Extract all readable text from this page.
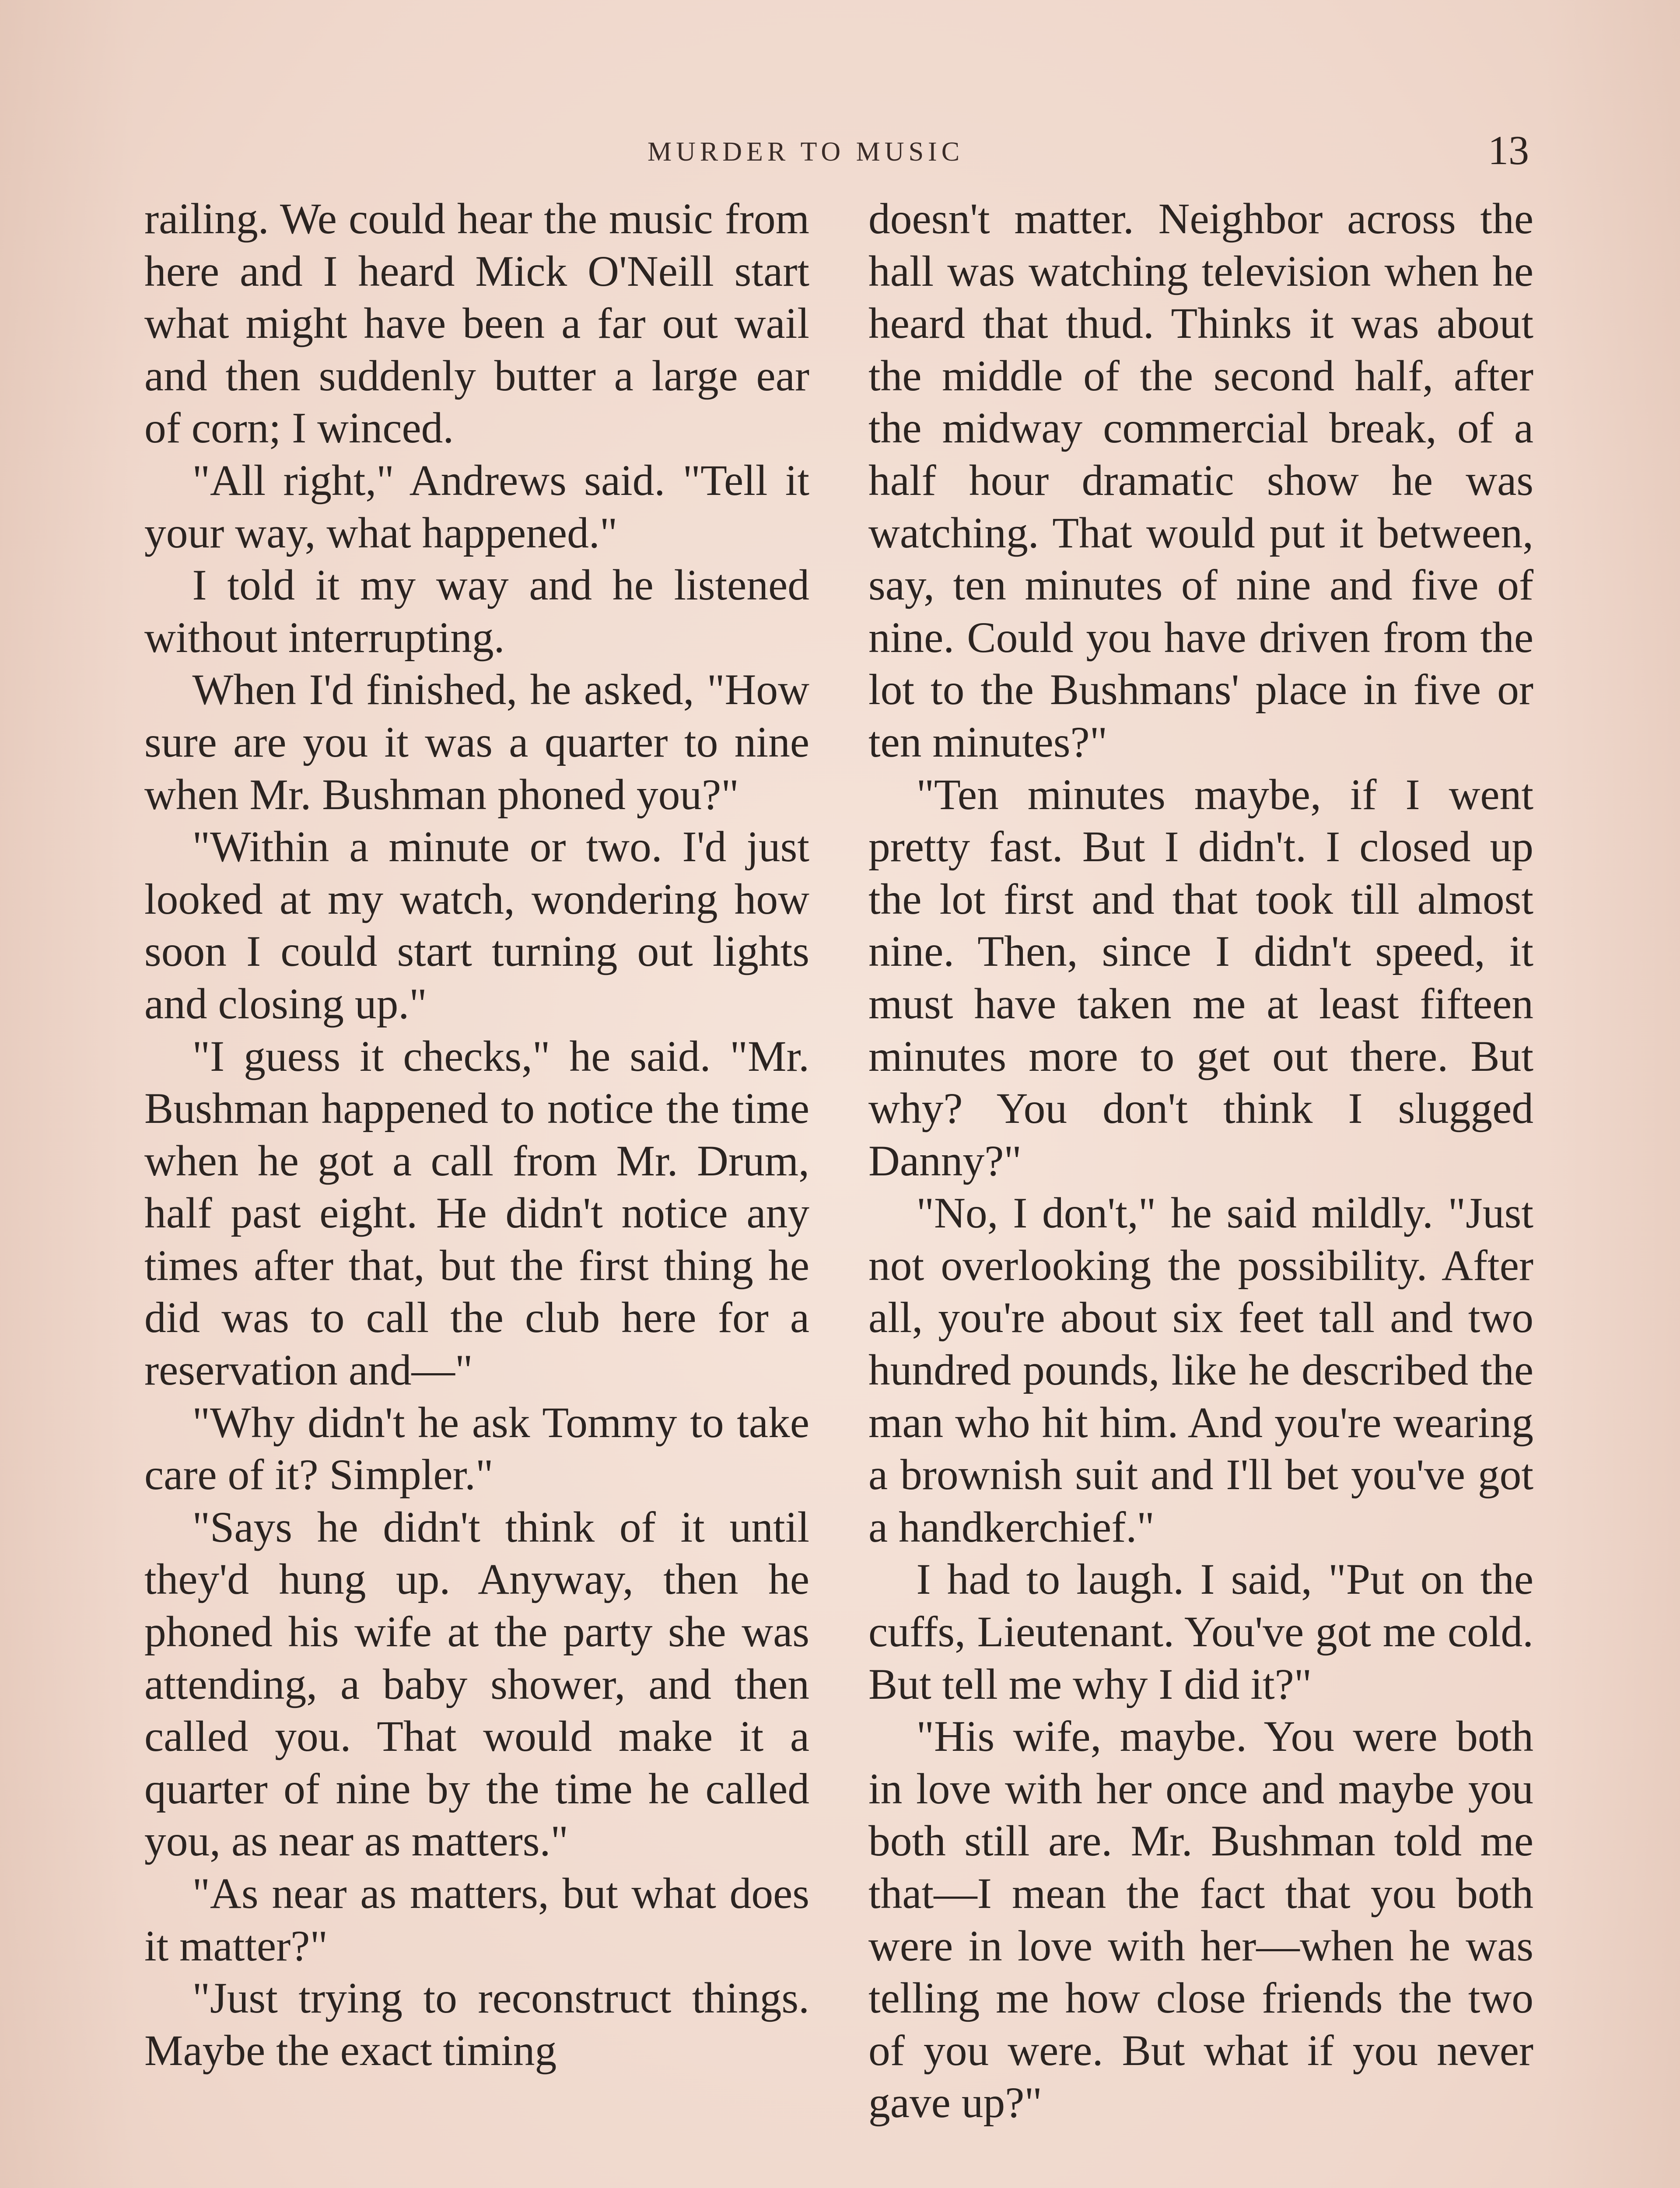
MURDER TO MUSIC	13

railing. We could hear the music from here and I heard Mick O'Neill start what might have been a far out wail and then suddenly butter a large ear of corn; I winced.

"All right," Andrews said. "Tell it your way, what happened."

I told it my way and he listened without interrupting.

When I'd finished, he asked, "How sure are you it was a quarter to nine when Mr. Bushman phoned you?"

"Within a minute or two. I'd just looked at my watch, wondering how soon I could start turning out lights and closing up."

"I guess it checks," he said. "Mr. Bushman happened to notice the time when he got a call from Mr. Drum, half past eight. He didn't notice any times after that, but the first thing he did was to call the club here for a reservation and—"

"Why didn't he ask Tommy to take care of it? Simpler."

"Says he didn't think of it until they'd hung up. Anyway, then he phoned his wife at the party she was attending, a baby shower, and then called you. That would make it a quarter of nine by the time he called you, as near as matters."

"As near as matters, but what does it matter?"

"Just trying to reconstruct things. Maybe the exact timing

doesn't matter. Neighbor across the hall was watching television when he heard that thud. Thinks it was about the middle of the second half, after the midway commercial break, of a half hour dramatic show he was watching. That would put it between, say, ten minutes of nine and five of nine. Could you have driven from the lot to the Bushmans' place in five or ten minutes?"

"Ten minutes maybe, if I went pretty fast. But I didn't. I closed up the lot first and that took till almost nine. Then, since I didn't speed, it must have taken me at least fifteen minutes more to get out there. But why? You don't think I slugged Danny?"

"No, I don't," he said mildly. "Just not overlooking the possibility. After all, you're about six feet tall and two hundred pounds, like he described the man who hit him. And you're wearing a brownish suit and I'll bet you've got a handkerchief."

I had to laugh. I said, "Put on the cuffs, Lieutenant. You've got me cold. But tell me why I did it?"

"His wife, maybe. You were both in love with her once and maybe you both still are. Mr. Bushman told me that—I mean the fact that you both were in love with her—when he was telling me how close friends the two of you were. But what if you never gave up?"
